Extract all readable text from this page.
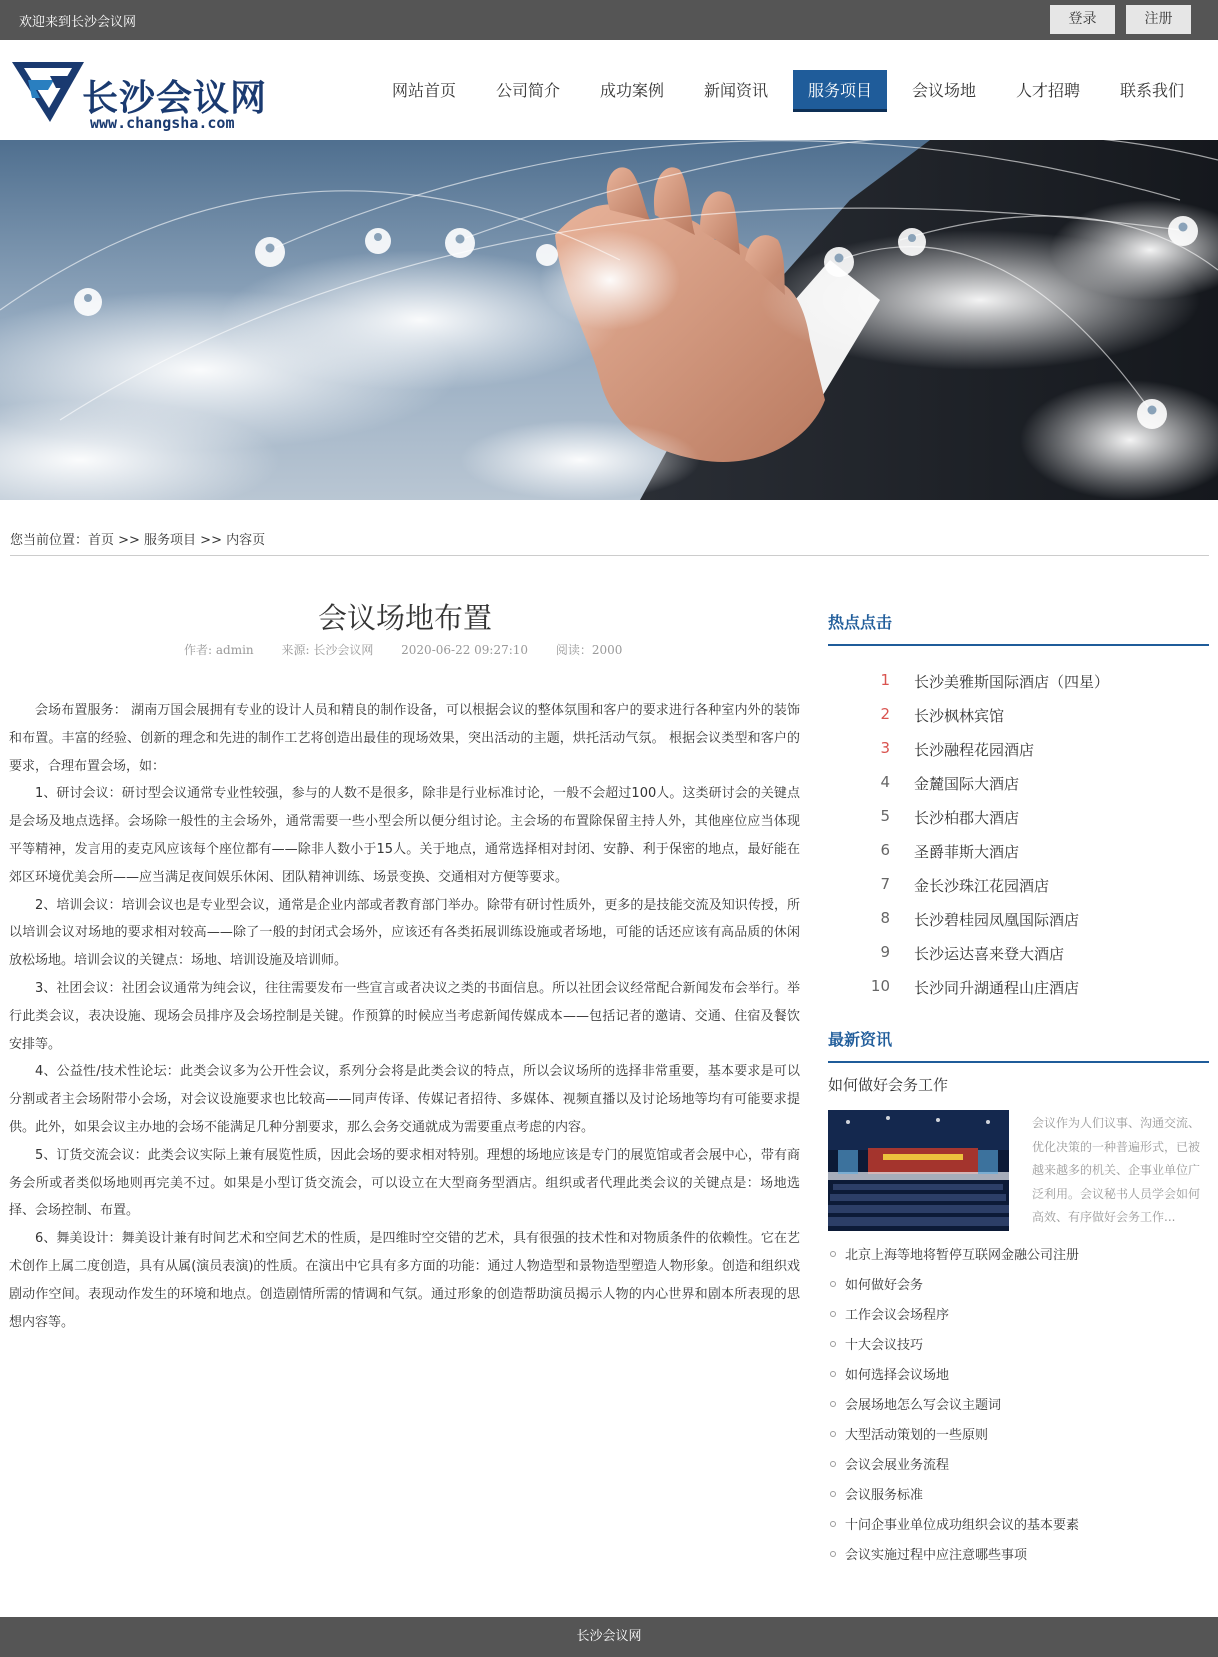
欢迎来到长沙会议网	登录	注册
长沙会议网
www.changsha.com
网站首页	公司简介	成功案例	新闻资讯	服务项目	会议场地	人才招聘	联系我们
您当前位置：首页 >> 服务项目 >> 内容页
会议场地布置
作者: admin 来源: 长沙会议网 2020-06-22 09:27:10 阅读：2000

会场布置服务： 湖南万国会展拥有专业的设计人员和精良的制作设备，可以根据会议的整体氛围和客户的要求进行各种室内外的装饰和布置。丰富的经验、创新的理念和先进的制作工艺将创造出最佳的现场效果，突出活动的主题，烘托活动气氛。 根据会议类型和客户的要求，合理布置会场，如：

1、研讨会议：研讨型会议通常专业性较强，参与的人数不是很多，除非是行业标准讨论，一般不会超过100人。这类研讨会的关键点是会场及地点选择。会场除一般性的主会场外，通常需要一些小型会所以便分组讨论。主会场的布置除保留主持人外，其他座位应当体现平等精神，发言用的麦克风应该每个座位都有——除非人数小于15人。关于地点，通常选择相对封闭、安静、利于保密的地点，最好能在郊区环境优美会所——应当满足夜间娱乐休闲、团队精神训练、场景变换、交通相对方便等要求。

2、培训会议：培训会议也是专业型会议，通常是企业内部或者教育部门举办。除带有研讨性质外，更多的是技能交流及知识传授，所以培训会议对场地的要求相对较高——除了一般的封闭式会场外，应该还有各类拓展训练设施或者场地，可能的话还应该有高品质的休闲放松场地。培训会议的关键点：场地、培训设施及培训师。

3、社团会议：社团会议通常为纯会议，往往需要发布一些宣言或者决议之类的书面信息。所以社团会议经常配合新闻发布会举行。举行此类会议，表决设施、现场会员排序及会场控制是关键。作预算的时候应当考虑新闻传媒成本——包括记者的邀请、交通、住宿及餐饮安排等。

4、公益性/技术性论坛：此类会议多为公开性会议，系列分会将是此类会议的特点，所以会议场所的选择非常重要，基本要求是可以分割或者主会场附带小会场，对会议设施要求也比较高——同声传译、传媒记者招待、多媒体、视频直播以及讨论场地等均有可能要求提供。此外，如果会议主办地的会场不能满足几种分割要求，那么会务交通就成为需要重点考虑的内容。

5、订货交流会议：此类会议实际上兼有展览性质，因此会场的要求相对特别。理想的场地应该是专门的展览馆或者会展中心，带有商务会所或者类似场地则再完美不过。如果是小型订货交流会，可以设立在大型商务型酒店。组织或者代理此类会议的关键点是：场地选择、会场控制、布置。

6、舞美设计：舞美设计兼有时间艺术和空间艺术的性质，是四维时空交错的艺术，具有很强的技术性和对物质条件的依赖性。它在艺术创作上属二度创造，具有从属(演员表演)的性质。在演出中它具有多方面的功能：通过人物造型和景物造型塑造人物形象。创造和组织戏剧动作空间。表现动作发生的环境和地点。创造剧情所需的情调和气氛。通过形象的创造帮助演员揭示人物的内心世界和剧本所表现的思想内容等。

热点点击
1 长沙美雅斯国际酒店（四星）
2 长沙枫林宾馆
3 长沙融程花园酒店
4 金麓国际大酒店
5 长沙柏郡大酒店
6 圣爵菲斯大酒店
7 金长沙珠江花园酒店
8 长沙碧桂园凤凰国际酒店
9 长沙运达喜来登大酒店
10 长沙同升湖通程山庄酒店
最新资讯
如何做好会务工作
会议作为人们议事、沟通交流、优化决策的一种普遍形式，已被越来越多的机关、企事业单位广泛利用。会议秘书人员学会如何高效、有序做好会务工作...
北京上海等地将暂停互联网金融公司注册
如何做好会务
工作会议会场程序
十大会议技巧
如何选择会议场地
会展场地怎么写会议主题词
大型活动策划的一些原则
会议会展业务流程
会议服务标准
十问企事业单位成功组织会议的基本要素
会议实施过程中应注意哪些事项
长沙会议网
